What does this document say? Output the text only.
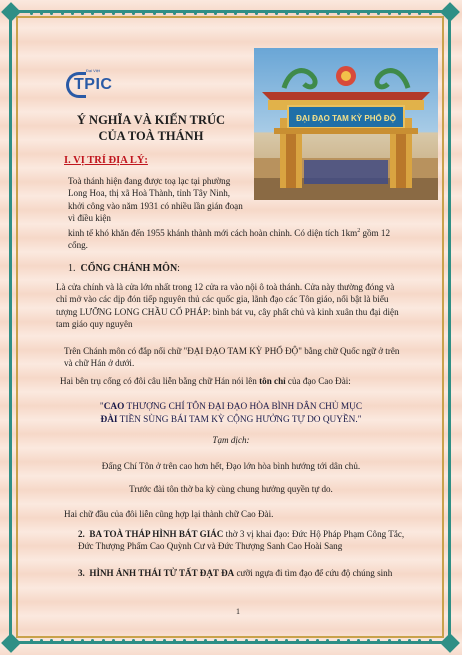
Đại Việt
TPIC
ĐẠI ĐẠO TAM KỲ PHỔ ĐỘ
Ý NGHĨA VÀ KIẾN TRÚC
CỦA TOÀ THÁNH
I. VỊ TRÍ ĐỊA LÝ:
Toà thánh hiện đang được toạ lạc tại phường Long Hoa, thị xã Hoà Thành, tỉnh Tây Ninh, khởi công vào năm 1931 có nhiều lần gián đoạn vì điều kiện
kinh tế khó khăn đến 1955 khánh thành mới cách hoàn chỉnh. Có diện tích $1km^2$ gồm 12 cổng.
1. CỔNG CHÁNH MÔN:
Là cửa chính và là cửa lớn nhất trong 12 cửa ra vào nội ô toà thánh. Cửa này thường đóng và chỉ mở vào các dịp đón tiếp nguyên thủ các quốc gia, lãnh đạo các Tôn giáo, nổi bật là biểu tượng LƯỠNG LONG CHẦU CỔ PHÁP: bình bát vu, cây phất chủ và kinh xuân thu đại diện tam giáo quy nguyên
Trên Chánh môn có đắp nổi chữ "ĐẠI ĐẠO TAM KỲ PHỔ ĐỘ" bằng chữ Quốc ngữ ở trên và chữ Hán ở dưới.
Hai bên trụ cổng có đôi câu liễn bằng chữ Hán nói lên tôn chỉ của đạo Cao Đài:
"CAO THƯỢNG CHÍ TÔN ĐẠI ĐẠO HÒA BÌNH DÂN CHỦ MỤC
ĐÀI TIỀN SÙNG BÁI TAM KỲ CỘNG HƯỞNG TỰ DO QUYỀN."
Tạm dịch:
Đấng Chí Tôn ở trên cao hơn hết, Đạo lớn hòa bình hướng tới dân chủ.
Trước đài tôn thờ ba kỳ cùng chung hưởng quyền tự do.
Hai chữ đầu của đôi liễn cũng hợp lại thành chữ Cao Đài.
2. BA TOÀ THÁP HÌNH BÁT GIÁC thờ 3 vị khai đạo: Đức Hộ Pháp Phạm Công Tắc, Đức Thượng Phẩm Cao Quỳnh Cư và Đức Thượng Sanh Cao Hoài Sang
3. HÌNH ẢNH THÁI TỬ TẤT ĐẠT ĐA cưỡi ngựa đi tìm đạo để cứu độ chúng sinh
1
